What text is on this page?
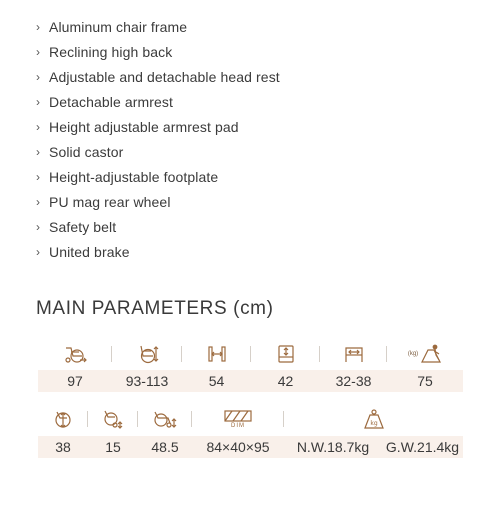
› Aluminum chair frame
› Reclining high back
› Adjustable and detachable head rest
› Detachable armrest
› Height adjustable armrest pad
› Solid castor
› Height-adjustable footplate
› PU mag rear wheel
› Safety belt
› United brake
MAIN PARAMETERS (cm)
(kg)
97	93-113	54	42	32-38	75
DIM	kg
38	15	48.5	84×40×95	N.W.18.7kg	G.W.21.4kg
